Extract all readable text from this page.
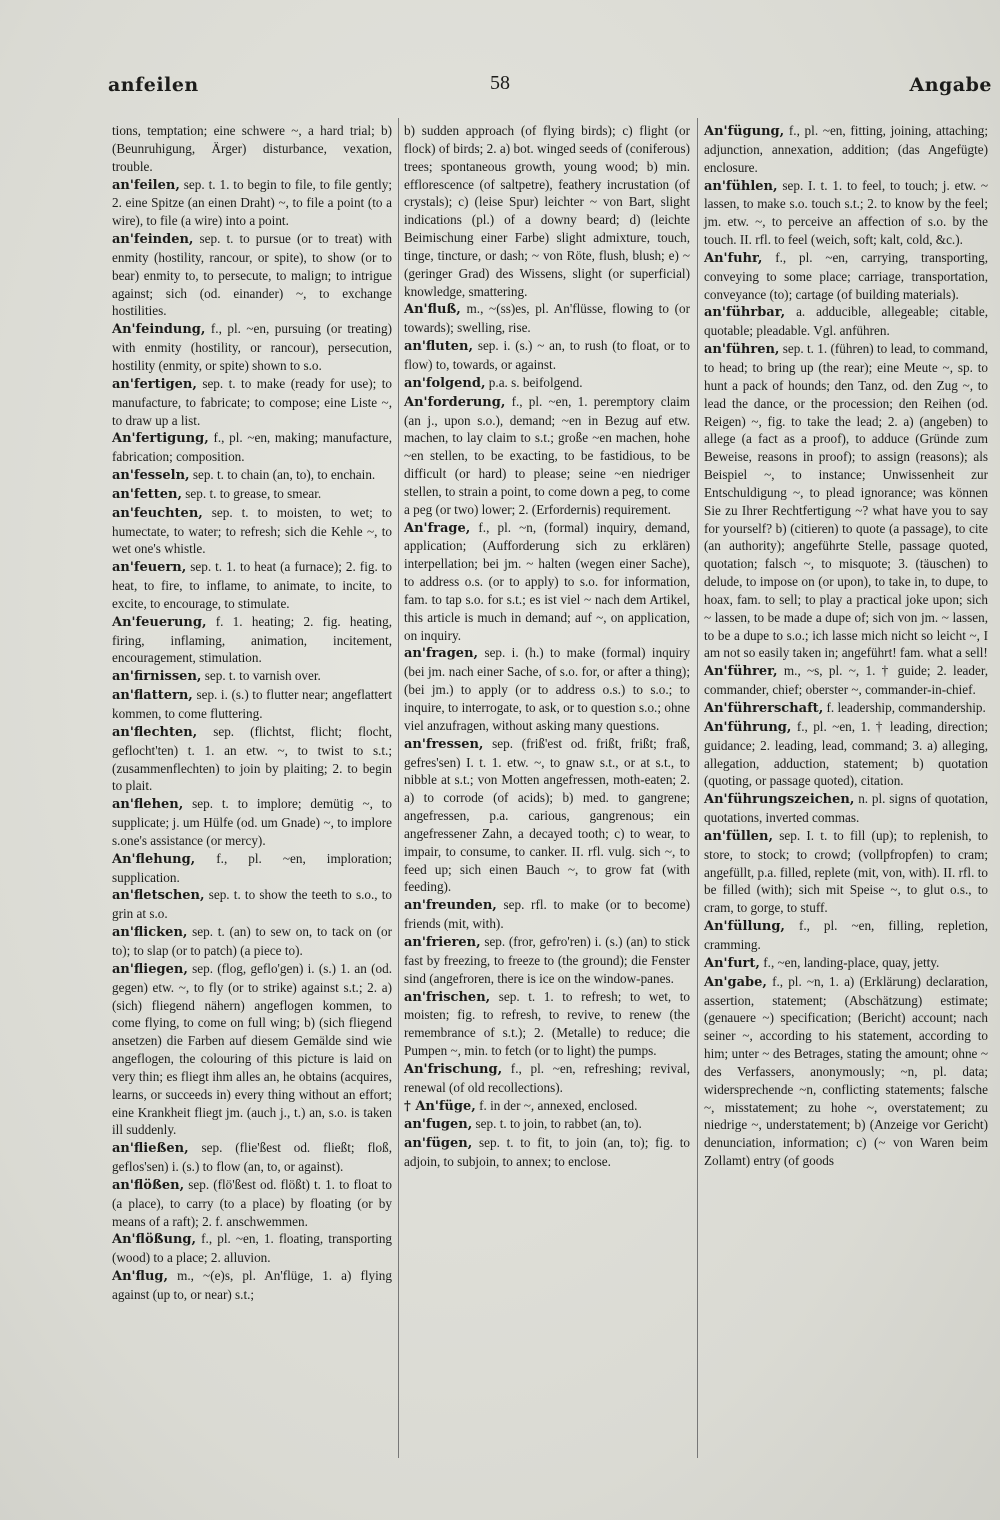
anfeilen	58	Angabe

tions, temptation; eine schwere ~, a hard trial; b) (Beunruhigung, Ärger) disturbance, vexation, trouble.

an'feilen, sep. t. 1. to begin to file, to file gently; 2. eine Spitze (an einen Draht) ~, to file a point (to a wire), to file (a wire) into a point.

an'feinden, sep. t. to pursue (or to treat) with enmity (hostility, rancour, or spite), to show (or to bear) enmity to, to persecute, to malign; to intrigue against; sich (od. einander) ~, to exchange hostilities.

An'feindung, f., pl. ~en, pursuing (or treating) with enmity (hostility, or rancour), persecution, hostility (enmity, or spite) shown to s.o.

an'fertigen, sep. t. to make (ready for use); to manufacture, to fabricate; to compose; eine Liste ~, to draw up a list.

An'fertigung, f., pl. ~en, making; manufacture, fabrication; composition.

an'fesseln, sep. t. to chain (an, to), to enchain.

an'fetten, sep. t. to grease, to smear.

an'feuchten, sep. t. to moisten, to wet; to humectate, to water; to refresh; sich die Kehle ~, to wet one's whistle.

an'feuern, sep. t. 1. to heat (a furnace); 2. fig. to heat, to fire, to inflame, to animate, to incite, to excite, to encourage, to stimulate.

An'feuerung, f. 1. heating; 2. fig. heating, firing, inflaming, animation, incitement, encouragement, stimulation.

an'firnissen, sep. t. to varnish over.

an'flattern, sep. i. (s.) to flutter near; angeflattert kommen, to come fluttering.

an'flechten, sep. (flichtst, flicht; flocht, geflocht'ten) t. 1. an etw. ~, to twist to s.t.; (zusammenflechten) to join by plaiting; 2. to begin to plait.

an'flehen, sep. t. to implore; demütig ~, to supplicate; j. um Hülfe (od. um Gnade) ~, to implore s.one's assistance (or mercy).

An'flehung, f., pl. ~en, imploration; supplication.

an'fletschen, sep. t. to show the teeth to s.o., to grin at s.o.

an'flicken, sep. t. (an) to sew on, to tack on (or to); to slap (or to patch) (a piece to).

an'fliegen, sep. (flog, geflo'gen) i. (s.) 1. an (od. gegen) etw. ~, to fly (or to strike) against s.t.; 2. a) (sich) fliegend nähern) angeflogen kommen, to come flying, to come on full wing; b) (sich fliegend ansetzen) die Farben auf diesem Gemälde sind wie angeflogen, the colouring of this picture is laid on very thin; es fliegt ihm alles an, he obtains (acquires, learns, or succeeds in) every thing without an effort; eine Krankheit fliegt jm. (auch j., t.) an, s.o. is taken ill suddenly.

an'fließen, sep. (flie'ßest od. fließt; floß, geflos'sen) i. (s.) to flow (an, to, or against).

an'flößen, sep. (flö'ßest od. flößt) t. 1. to float to (a place), to carry (to a place) by floating (or by means of a raft); 2. f. anschwemmen.

An'flößung, f., pl. ~en, 1. floating, transporting (wood) to a place; 2. alluvion.

An'flug, m., ~(e)s, pl. An'flüge, 1. a) flying against (up to, or near) s.t.;

b) sudden approach (of flying birds); c) flight (or flock) of birds; 2. a) bot. winged seeds of (coniferous) trees; spontaneous growth, young wood; b) min. efflorescence (of saltpetre), feathery incrustation (of crystals); c) (leise Spur) leichter ~ von Bart, slight indications (pl.) of a downy beard; d) (leichte Beimischung einer Farbe) slight admixture, touch, tinge, tincture, or dash; ~ von Röte, flush, blush; e) ~ (geringer Grad) des Wissens, slight (or superficial) knowledge, smattering.

An'fluß, m., ~(ss)es, pl. An'flüsse, flowing to (or towards); swelling, rise.

an'fluten, sep. i. (s.) ~ an, to rush (to float, or to flow) to, towards, or against.

an'folgend, p.a. s. beifolgend.

An'forderung, f., pl. ~en, 1. peremptory claim (an j., upon s.o.), demand; ~en in Bezug auf etw. machen, to lay claim to s.t.; große ~en machen, hohe ~en stellen, to be exacting, to be fastidious, to be difficult (or hard) to please; seine ~en niedriger stellen, to strain a point, to come down a peg, to come a peg (or two) lower; 2. (Erfordernis) requirement.

An'frage, f., pl. ~n, (formal) inquiry, demand, application; (Aufforderung sich zu erklären) interpellation; bei jm. ~ halten (wegen einer Sache), to address o.s. (or to apply) to s.o. for information, fam. to tap s.o. for s.t.; es ist viel ~ nach dem Artikel, this article is much in demand; auf ~, on application, on inquiry.

an'fragen, sep. i. (h.) to make (formal) inquiry (bei jm. nach einer Sache, of s.o. for, or after a thing); (bei jm.) to apply (or to address o.s.) to s.o.; to inquire, to interrogate, to ask, or to question s.o.; ohne viel anzufragen, without asking many questions.

an'fressen, sep. (friß'est od. frißt, frißt; fraß, gefres'sen) I. t. 1. etw. ~, to gnaw s.t., or at s.t., to nibble at s.t.; von Motten angefressen, moth-eaten; 2. a) to corrode (of acids); b) med. to gangrene; angefressen, p.a. carious, gangrenous; ein angefressener Zahn, a decayed tooth; c) to wear, to impair, to consume, to canker. II. rfl. vulg. sich ~, to feed up; sich einen Bauch ~, to grow fat (with feeding).

an'freunden, sep. rfl. to make (or to become) friends (mit, with).

an'frieren, sep. (fror, gefro'ren) i. (s.) (an) to stick fast by freezing, to freeze to (the ground); die Fenster sind (angefroren, there is ice on the window-panes.

an'frischen, sep. t. 1. to refresh; to wet, to moisten; fig. to refresh, to revive, to renew (the remembrance of s.t.); 2. (Metalle) to reduce; die Pumpen ~, min. to fetch (or to light) the pumps.

An'frischung, f., pl. ~en, refreshing; revival, renewal (of old recollections).

† An'füge, f. in der ~, annexed, enclosed.

an'fugen, sep. t. to join, to rabbet (an, to).

an'fügen, sep. t. to fit, to join (an, to); fig. to adjoin, to subjoin, to annex; to enclose.

An'fügung, f., pl. ~en, fitting, joining, attaching; adjunction, annexation, addition; (das Angefügte) enclosure.

an'fühlen, sep. I. t. 1. to feel, to touch; j. etw. ~ lassen, to make s.o. touch s.t.; 2. to know by the feel; jm. etw. ~, to perceive an affection of s.o. by the touch. II. rfl. to feel (weich, soft; kalt, cold, &c.).

An'fuhr, f., pl. ~en, carrying, transporting, conveying to some place; carriage, transportation, conveyance (to); cartage (of building materials).

an'führbar, a. adducible, allegeable; citable, quotable; pleadable. Vgl. anführen.

an'führen, sep. t. 1. (führen) to lead, to command, to head; to bring up (the rear); eine Meute ~, sp. to hunt a pack of hounds; den Tanz, od. den Zug ~, to lead the dance, or the procession; den Reihen (od. Reigen) ~, fig. to take the lead; 2. a) (angeben) to allege (a fact as a proof), to adduce (Gründe zum Beweise, reasons in proof); to assign (reasons); als Beispiel ~, to instance; Unwissenheit zur Entschuldigung ~, to plead ignorance; was können Sie zu Ihrer Rechtfertigung ~? what have you to say for yourself? b) (citieren) to quote (a passage), to cite (an authority); angeführte Stelle, passage quoted, quotation; falsch ~, to misquote; 3. (täuschen) to delude, to impose on (or upon), to take in, to dupe, to hoax, fam. to sell; to play a practical joke upon; sich ~ lassen, to be made a dupe of; sich von jm. ~ lassen, to be a dupe to s.o.; ich lasse mich nicht so leicht ~, I am not so easily taken in; angeführt! fam. what a sell!

An'führer, m., ~s, pl. ~, 1. † guide; 2. leader, commander, chief; oberster ~, commander-in-chief.

An'führerschaft, f. leadership, commandership.

An'führung, f., pl. ~en, 1. † leading, direction; guidance; 2. leading, lead, command; 3. a) alleging, allegation, adduction, statement; b) quotation (quoting, or passage quoted), citation.

An'führungszeichen, n. pl. signs of quotation, quotations, inverted commas.

an'füllen, sep. I. t. to fill (up); to replenish, to store, to stock; to crowd; (vollpfropfen) to cram; angefüllt, p.a. filled, replete (mit, von, with). II. rfl. to be filled (with); sich mit Speise ~, to glut o.s., to cram, to gorge, to stuff.

An'füllung, f., pl. ~en, filling, repletion, cramming.

An'furt, f., ~en, landing-place, quay, jetty.

An'gabe, f., pl. ~n, 1. a) (Erklärung) declaration, assertion, statement; (Abschätzung) estimate; (genauere ~) specification; (Bericht) account; nach seiner ~, according to his statement, according to him; unter ~ des Betrages, stating the amount; ohne ~ des Verfassers, anonymously; ~n, pl. data; widersprechende ~n, conflicting statements; falsche ~, misstatement; zu hohe ~, overstatement; zu niedrige ~, understatement; b) (Anzeige vor Gericht) denunciation, information; c) (~ von Waren beim Zollamt) entry (of goods
